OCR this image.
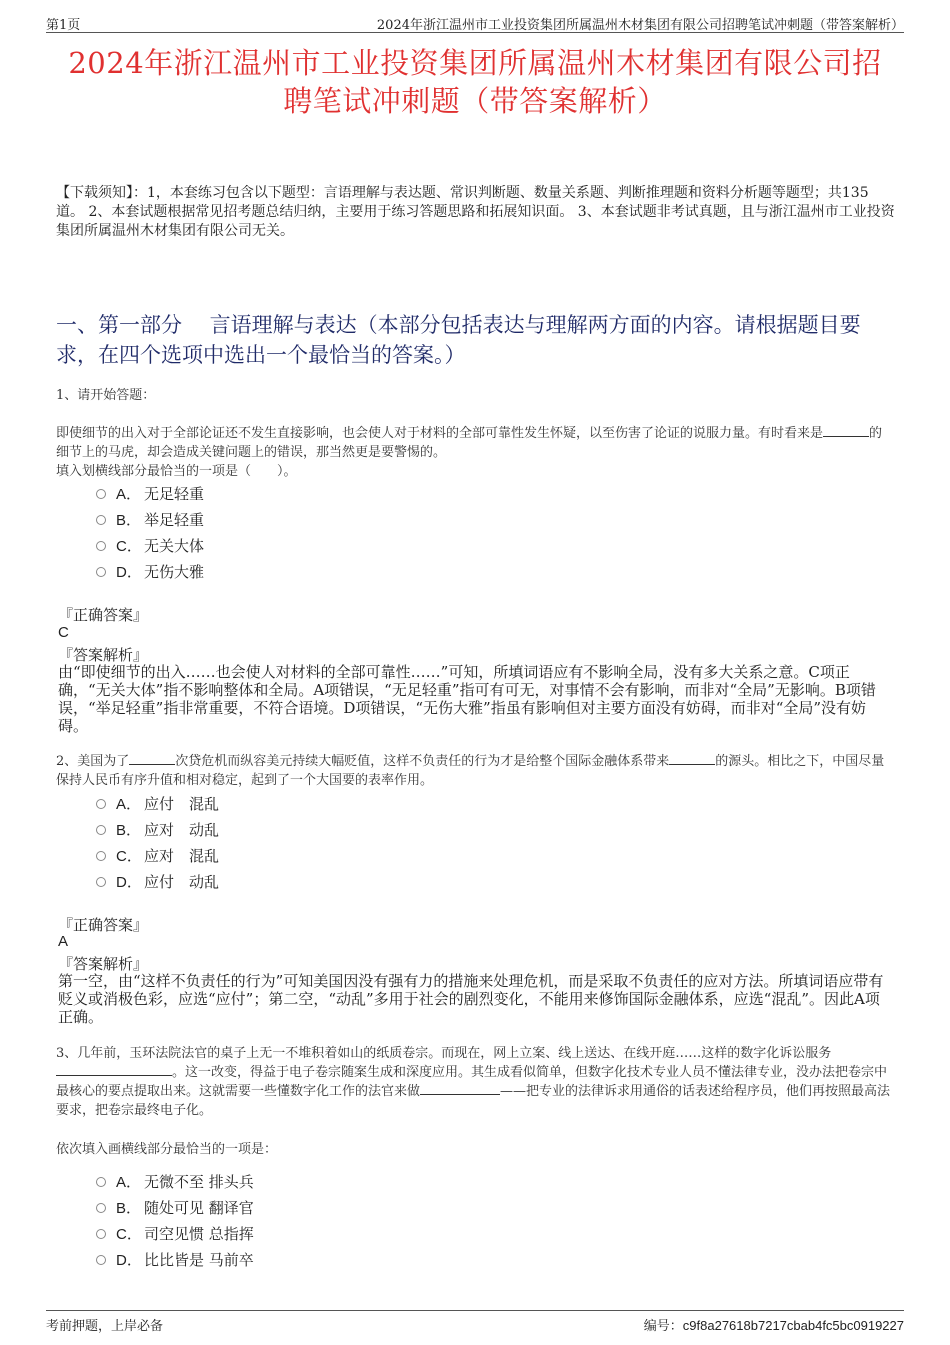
第1页	2024年浙江温州市工业投资集团所属温州木材集团有限公司招聘笔试冲刺题（带答案解析）
2024年浙江温州市工业投资集团所属温州木材集团有限公司招
聘笔试冲刺题（带答案解析）
【下载须知】：1，本套练习包含以下题型：言语理解与表达题、常识判断题、数量关系题、判断推理题和资料分析题等题型；共135道。 2、本套试题根据常见招考题总结归纳，主要用于练习答题思路和拓展知识面。 3、本套试题非考试真题，且与浙江温州市工业投资集团所属温州木材集团有限公司无关。
一、第一部分　 言语理解与表达（本部分包括表达与理解两方面的内容。请根据题目要求，在四个选项中选出一个最恰当的答案。）
1、请开始答题：
即使细节的出入对于全部论证还不发生直接影响，也会使人对于材料的全部可靠性发生怀疑，以至伤害了论证的说服力量。有时看来是	的细节上的马虎，却会造成关键问题上的错误，那当然更是要警惕的。
填入划横线部分最恰当的一项是（　　）。
A． 无足轻重
B． 举足轻重
C． 无关大体
D． 无伤大雅
『正确答案』
C
『答案解析』
由“即使细节的出入……也会使人对材料的全部可靠性……”可知，所填词语应有不影响全局，没有多大关系之意。C项正确，“无关大体”指不影响整体和全局。A项错误，“无足轻重”指可有可无，对事情不会有影响，而非对“全局”无影响。B项错误，“举足轻重”指非常重要，不符合语境。D项错误，“无伤大雅”指虽有影响但对主要方面没有妨碍，而非对“全局”没有妨碍。
2、美国为了	次贷危机而纵容美元持续大幅贬值，这样不负责任的行为才是给整个国际金融体系带来	的源头。相比之下，中国尽量保持人民币有序升值和相对稳定，起到了一个大国要的表率作用。
A． 应付　混乱
B． 应对　动乱
C． 应对　混乱
D． 应付　动乱
『正确答案』
A
『答案解析』
第一空，由“这样不负责任的行为”可知美国因没有强有力的措施来处理危机，而是采取不负责任的应对方法。所填词语应带有贬义或消极色彩，应选“应付”；第二空，“动乱”多用于社会的剧烈变化，不能用来修饰国际金融体系，应选“混乱”。因此A项正确。
3、几年前，玉环法院法官的桌子上无一不堆积着如山的纸质卷宗。而现在，网上立案、线上送达、在线开庭……这样的数字化诉讼服务。这一改变，得益于电子卷宗随案生成和深度应用。其生成看似简单，但数字化技术专业人员不懂法律专业，没办法把卷宗中最核心的要点提取出来。这就需要一些懂数字化工作的法官来做	——把专业的法律诉求用通俗的话表述给程序员，他们再按照最高法要求，把卷宗最终电子化。
依次填入画横线部分最恰当的一项是：
A． 无微不至 排头兵
B． 随处可见 翻译官
C． 司空见惯 总指挥
D． 比比皆是 马前卒
考前押题，上岸必备	编号：c9f8a27618b7217cbab4fc5bc0919227
